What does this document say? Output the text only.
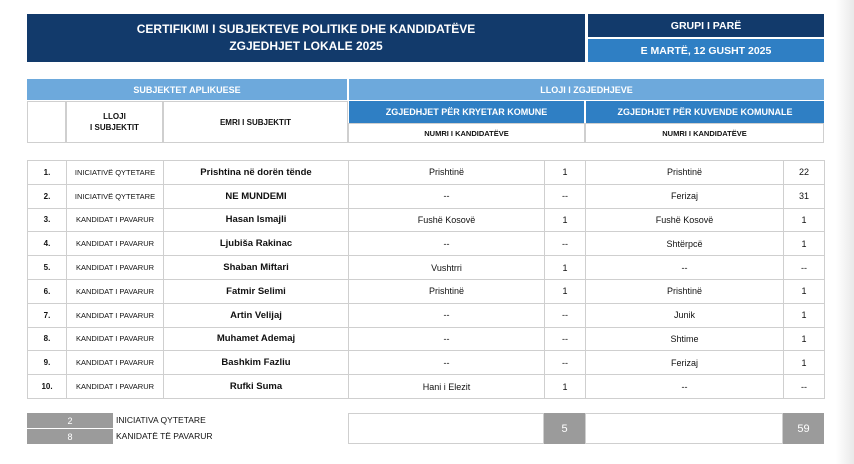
CERTIFIKIMI I SUBJEKTEVE POLITIKE DHE KANDIDATËVE
ZGJEDHJET LOKALE 2025
GRUPI I PARË
E MARTË, 12 GUSHT 2025
SUBJEKTET APLIKUESE	LLOJI I ZGJEDHJEVE
LLOJI
I SUBJEKTIT
EMRI I SUBJEKTIT
ZGJEDHJET PËR KRYETAR KOMUNE	ZGJEDHJET PËR KUVENDE KOMUNALE
NUMRI I KANDIDATËVE	NUMRI I KANDIDATËVE
1.	INICIATIVË QYTETARE	Prishtina në dorën tënde	Prishtinë	1	Prishtinë	22
2.	INICIATIVË QYTETARE	NE MUNDEMI	--	--	Ferizaj	31
3.	KANDIDAT I PAVARUR	Hasan Ismajli	Fushë Kosovë	1	Fushë Kosovë	1
4.	KANDIDAT I PAVARUR	Ljubiša Rakinac	--	--	Shtërpcë	1
5.	KANDIDAT I PAVARUR	Shaban Miftari	Vushtrri	1	--	--
6.	KANDIDAT I PAVARUR	Fatmir Selimi	Prishtinë	1	Prishtinë	1
7.	KANDIDAT I PAVARUR	Artin Velijaj	--	--	Junik	1
8.	KANDIDAT I PAVARUR	Muhamet Ademaj	--	--	Shtime	1
9.	KANDIDAT I PAVARUR	Bashkim Fazliu	--	--	Ferizaj	1
10.	KANDIDAT I PAVARUR	Rufki Suma	Hani i Elezit	1	--	--
2	INICIATIVA QYTETARE
8	KANIDATË TË PAVARUR
5	59
